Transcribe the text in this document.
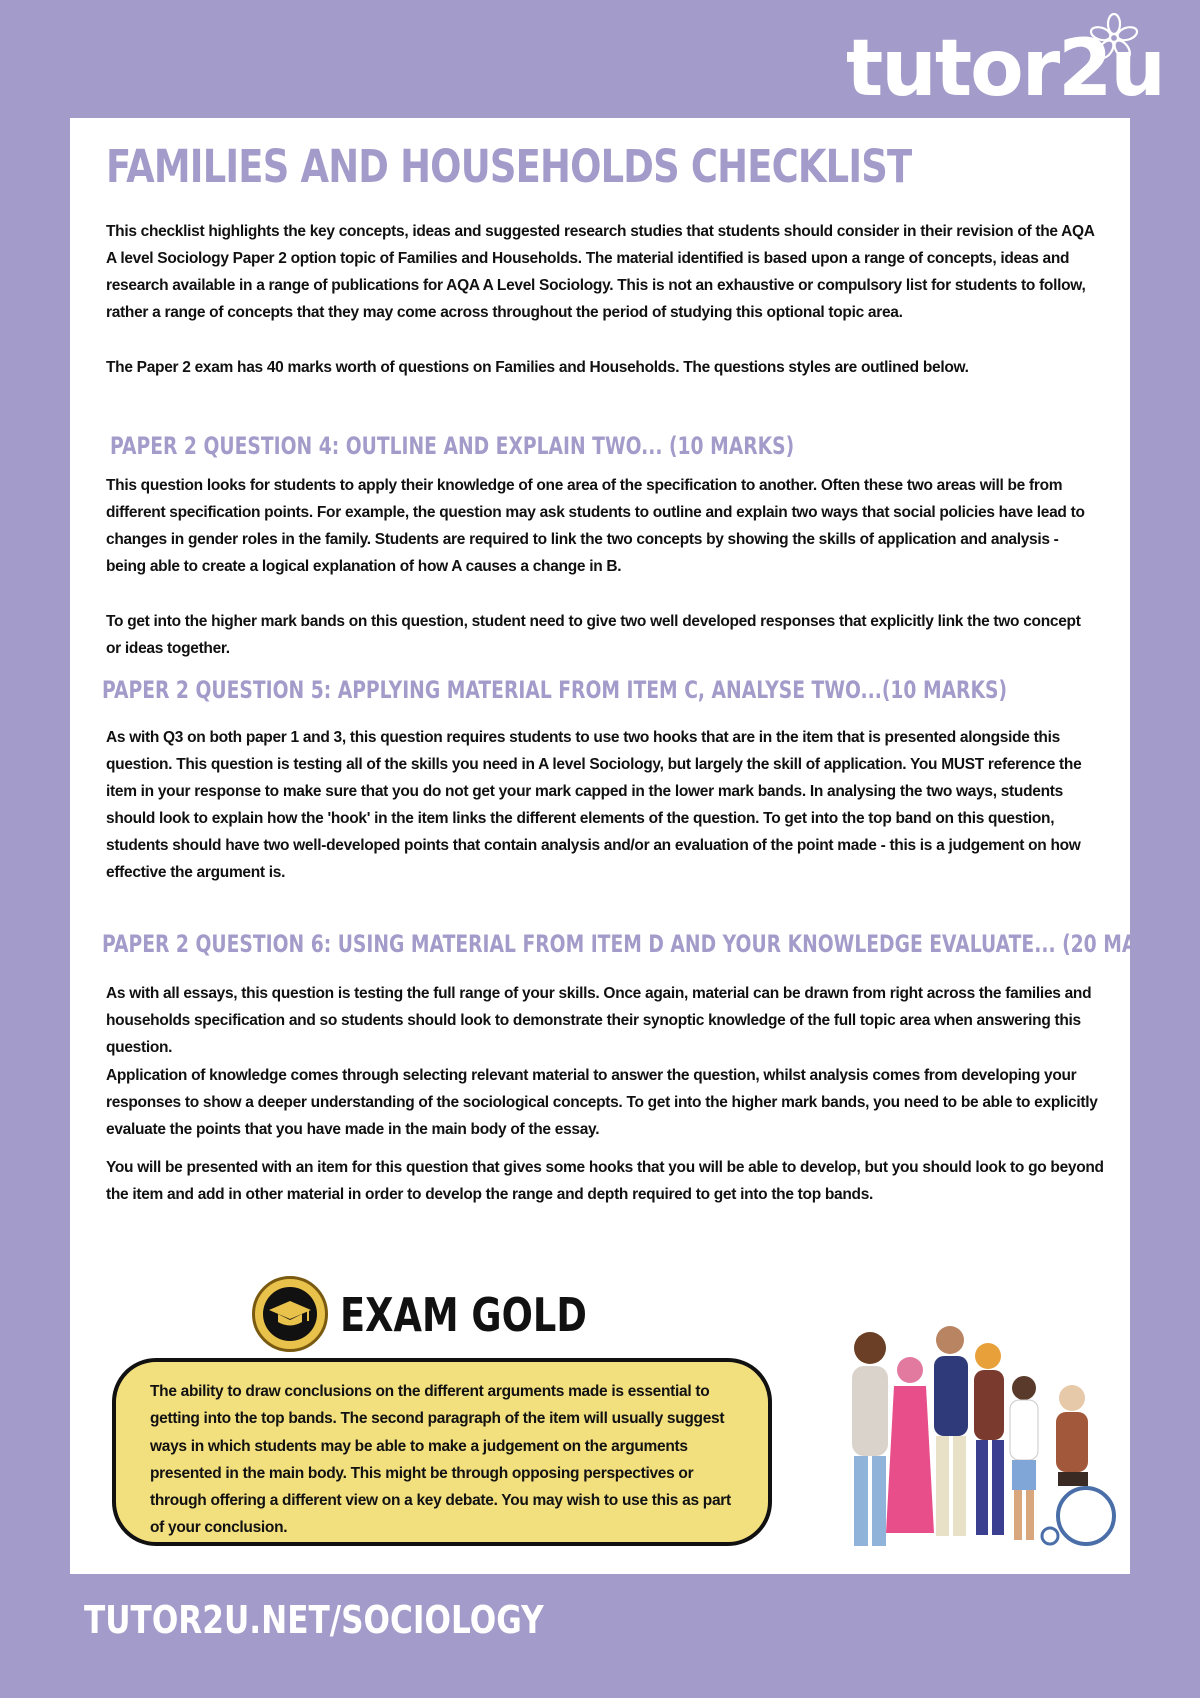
tutor2u
FAMILIES AND HOUSEHOLDS CHECKLIST

This checklist highlights the key concepts, ideas and suggested research studies that students should consider in their revision of the AQA A level Sociology Paper 2 option topic of Families and Households. The material identified is based upon a range of concepts, ideas and research available in a range of publications for AQA A Level Sociology. This is not an exhaustive or compulsory list for students to follow, rather a range of concepts that they may come across throughout the period of studying this optional topic area.

The Paper 2 exam has 40 marks worth of questions on Families and Households. The questions styles are outlined below.

PAPER 2 QUESTION 4: OUTLINE AND EXPLAIN TWO... (10 MARKS)

This question looks for students to apply their knowledge of one area of the specification to another. Often these two areas will be from different specification points. For example, the question may ask students to outline and explain two ways that social policies have lead to changes in gender roles in the family. Students are required to link the two concepts by showing the skills of application and analysis - being able to create a logical explanation of how A causes a change in B.

To get into the higher mark bands on this question, student need to give two well developed responses that explicitly link the two concept or ideas together.

PAPER 2 QUESTION 5: APPLYING MATERIAL FROM ITEM C, ANALYSE TWO...(10 MARKS)

As with Q3 on both paper 1 and 3, this question requires students to use two hooks that are in the item that is presented alongside this question. This question is testing all of the skills you need in A level Sociology, but largely the skill of application. You MUST reference the item in your response to make sure that you do not get your mark capped in the lower mark bands. In analysing the two ways, students should look to explain how the 'hook' in the item links the different elements of the question. To get into the top band on this question, students should have two well-developed points that contain analysis and/or an evaluation of the point made - this is a judgement on how effective the argument is.

PAPER 2 QUESTION 6: USING MATERIAL FROM ITEM D AND YOUR KNOWLEDGE EVALUATE... (20 MARKS)

As with all essays, this question is testing the full range of your skills. Once again, material can be drawn from right across the families and households specification and so students should look to demonstrate their synoptic knowledge of the full topic area when answering this question.

Application of knowledge comes through selecting relevant material to answer the question, whilst analysis comes from developing your responses to show a deeper understanding of the sociological concepts. To get into the higher mark bands, you need to be able to explicitly evaluate the points that you have made in the main body of the essay.

You will be presented with an item for this question that gives some hooks that you will be able to develop, but you should look to go beyond the item and add in other material in order to develop the range and depth required to get into the top bands.

EXAM GOLD

The ability to draw conclusions on the different arguments made is essential to getting into the top bands. The second paragraph of the item will usually suggest ways in which students may be able to make a judgement on the arguments presented in the main body. This might be through opposing perspectives or through offering a different view on a key debate. You may wish to use this as part of your conclusion.

TUTOR2U.NET/SOCIOLOGY
